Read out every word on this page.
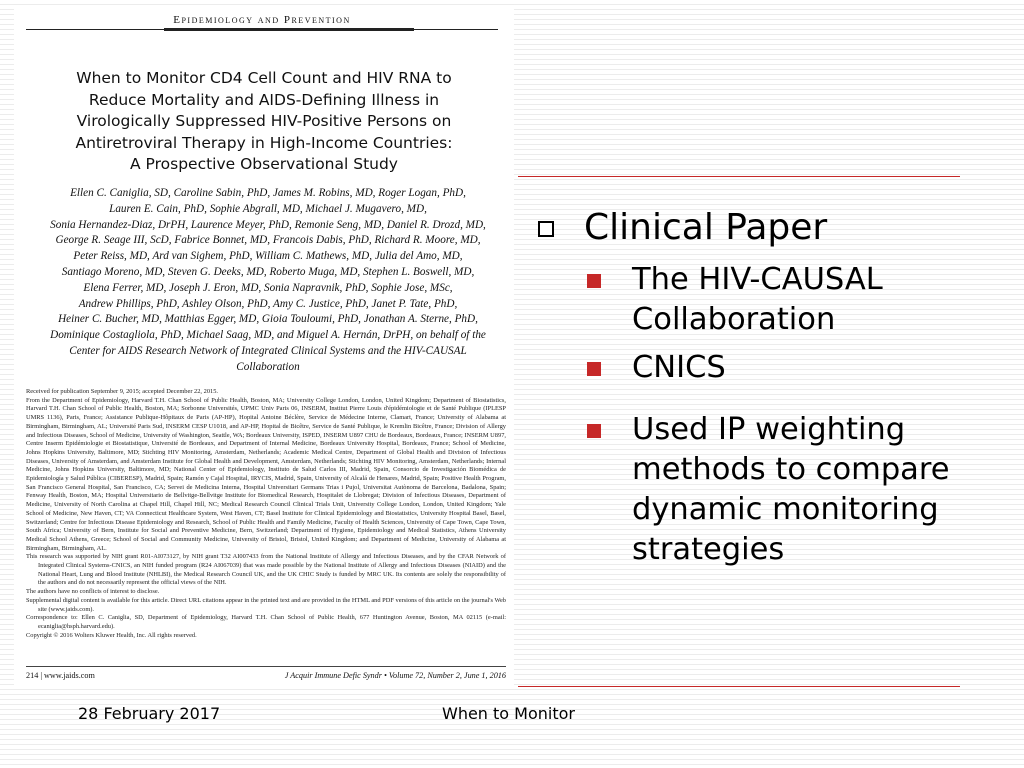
Epidemiology and Prevention
When to Monitor CD4 Cell Count and HIV RNA to
Reduce Mortality and AIDS-Defining Illness in
Virologically Suppressed HIV-Positive Persons on
Antiretroviral Therapy in High-Income Countries:
A Prospective Observational Study
Ellen C. Caniglia, SD, Caroline Sabin, PhD, James M. Robins, MD, Roger Logan, PhD,
Lauren E. Cain, PhD, Sophie Abgrall, MD, Michael J. Mugavero, MD,
Sonia Hernandez-Diaz, DrPH, Laurence Meyer, PhD, Remonie Seng, MD, Daniel R. Drozd, MD,
George R. Seage III, ScD, Fabrice Bonnet, MD, Francois Dabis, PhD, Richard R. Moore, MD,
Peter Reiss, MD, Ard van Sighem, PhD, William C. Mathews, MD, Julia del Amo, MD,
Santiago Moreno, MD, Steven G. Deeks, MD, Roberto Muga, MD, Stephen L. Boswell, MD,
Elena Ferrer, MD, Joseph J. Eron, MD, Sonia Napravnik, PhD, Sophie Jose, MSc,
Andrew Phillips, PhD, Ashley Olson, PhD, Amy C. Justice, PhD, Janet P. Tate, PhD,
Heiner C. Bucher, MD, Matthias Egger, MD, Gioia Touloumi, PhD, Jonathan A. Sterne, PhD,
Dominique Costagliola, PhD, Michael Saag, MD, and Miguel A. Hernán, DrPH, on behalf of the
Center for AIDS Research Network of Integrated Clinical Systems and the HIV-CAUSAL Collaboration

Received for publication September 9, 2015; accepted December 22, 2015.

From the Department of Epidemiology, Harvard T.H. Chan School of Public Health, Boston, MA; University College London, London, United Kingdom; Department of Biostatistics, Harvard T.H. Chan School of Public Health, Boston, MA; Sorbonne Universités, UPMC Univ Paris 06, INSERM, Institut Pierre Louis d'épidémiologie et de Santé Publique (IPLESP UMRS 1136), Paris, France; Assistance Publique-Hôpitaux de Paris (AP-HP), Hopital Antoine Béclère, Service de Médecine Interne, Clamart, France; University of Alabama at Birmingham, Birmingham, AL; Université Paris Sud, INSERM CESP U1018, and AP-HP, Hopital de Bicêtre, Service de Santé Publique, le Kremlin Bicêtre, France; Division of Allergy and Infectious Diseases, School of Medicine, University of Washington, Seattle, WA; Bordeaux University, ISPED, INSERM U897 CHU de Bordeaux, Bordeaux, France; INSERM U897, Centre Inserm Epidémiologie et Biostatistique, Université de Bordeaux, and Department of Internal Medicine, Bordeaux University Hospital, Bordeaux, France; School of Medicine, Johns Hopkins University, Baltimore, MD; Stichting HIV Monitoring, Amsterdam, Netherlands; Academic Medical Centre, Department of Global Health and Division of Infectious Diseases, University of Amsterdam, and Amsterdam Institute for Global Health and Development, Amsterdam, Netherlands; Stichting HIV Monitoring, Amsterdam, Netherlands; Internal Medicine, Johns Hopkins University, Baltimore, MD; National Center of Epidemiology, Instituto de Salud Carlos III, Madrid, Spain, Consorcio de Investigación Biomédica de Epidemiología y Salud Pública (CIBERESP), Madrid, Spain; Ramón y Cajal Hospital, IRYCIS, Madrid, Spain, University of Alcalá de Henares, Madrid, Spain; Positive Health Program, San Francisco General Hospital, San Francisco, CA; Servei de Medicina Interna, Hospital Universitari Germans Trias i Pujol, Universitat Autònoma de Barcelona, Badalona, Spain; Fenway Health, Boston, MA; Hospital Universitario de Bellvitge-Bellvitge Institute for Biomedical Research, Hospitalet de Llobregat; Division of Infectious Diseases, Department of Medicine, University of North Carolina at Chapel Hill, Chapel Hill, NC; Medical Research Council Clinical Trials Unit, University College London, London, United Kingdom; Yale School of Medicine, New Haven, CT; VA Connecticut Healthcare System, West Haven, CT; Basel Institute for Clinical Epidemiology and Biostatistics, University Hospital Basel, Basel, Switzerland; Centre for Infectious Disease Epidemiology and Research, School of Public Health and Family Medicine, Faculty of Health Sciences, University of Cape Town, Cape Town, South Africa; University of Bern, Institute for Social and Preventive Medicine, Bern, Switzerland; Department of Hygiene, Epidemiology and Medical Statistics, Athens University Medical School Athens, Greece; School of Social and Community Medicine, University of Bristol, Bristol, United Kingdom; and Department of Medicine, University of Alabama at Birmingham, Birmingham, AL.

This research was supported by NIH grant R01-AI073127, by NIH grant T32 AI007433 from the National Institute of Allergy and Infectious Diseases, and by the CFAR Network of Integrated Clinical Systems-CNICS, an NIH funded program (R24 AI067039) that was made possible by the National Institute of Allergy and Infectious Diseases (NIAID) and the National Heart, Lung and Blood Institute (NHLBI), the Medical Research Council UK, and the UK CHIC Study is funded by MRC UK. Its contents are solely the responsibility of the authors and do not necessarily represent the official views of the NIH.

The authors have no conflicts of interest to disclose.

Supplemental digital content is available for this article. Direct URL citations appear in the printed text and are provided in the HTML and PDF versions of this article on the journal's Web site (www.jaids.com).

Correspondence to: Ellen C. Caniglia, SD, Department of Epidemiology, Harvard T.H. Chan School of Public Health, 677 Huntington Avenue, Boston, MA 02115 (e-mail: ecaniglia@hsph.harvard.edu).

Copyright © 2016 Wolters Kluwer Health, Inc. All rights reserved.

214 | www.jaids.com	J Acquir Immune Defic Syndr • Volume 72, Number 2, June 1, 2016
Clinical Paper
The HIV-CAUSAL Collaboration
CNICS
Used IP weighting methods to compare dynamic monitoring strategies
28 February 2017	When to Monitor
